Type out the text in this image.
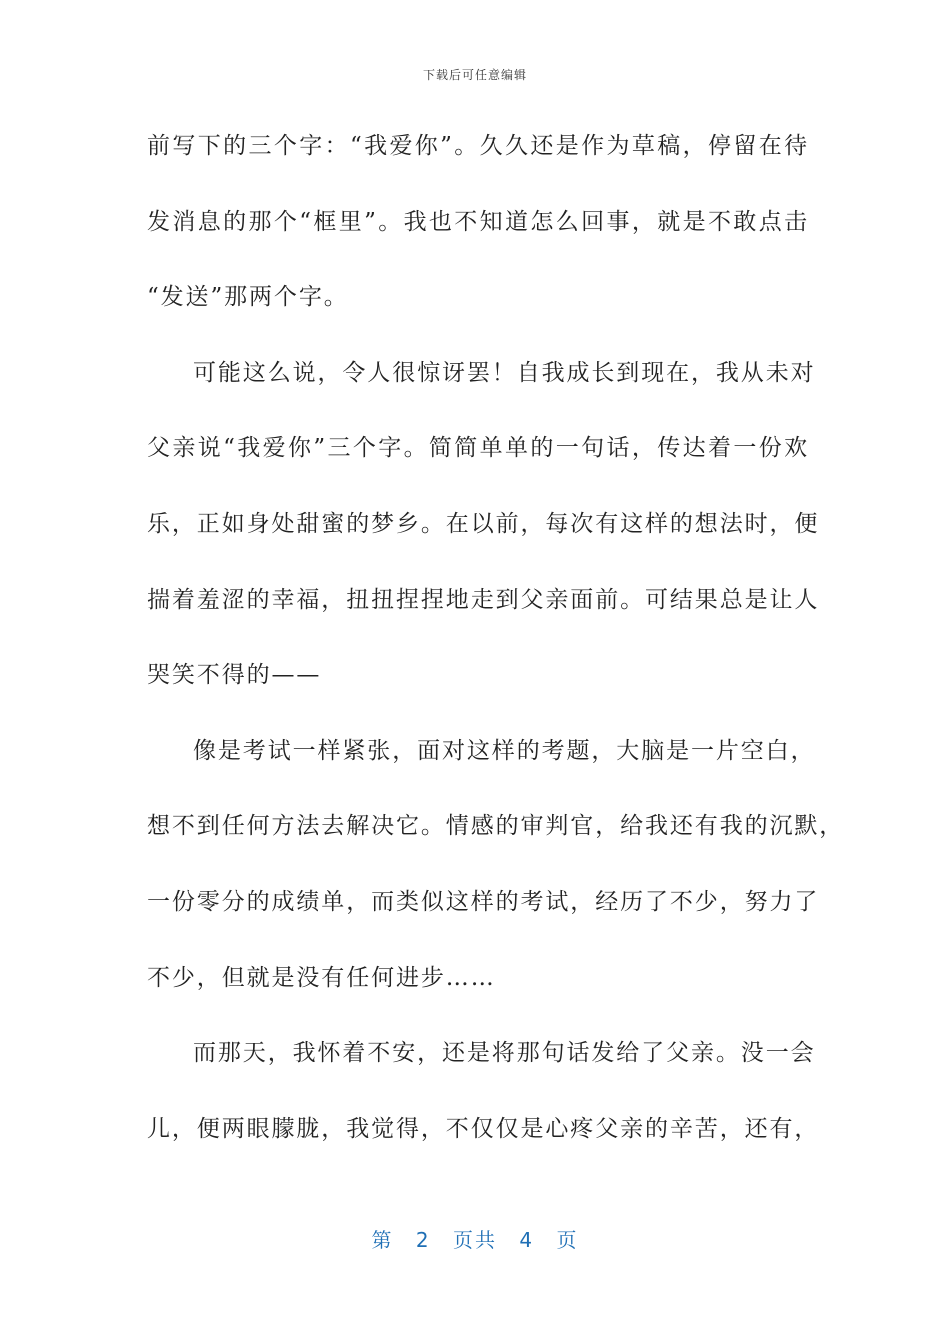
下载后可任意编辑
前写下的三个字：“我爱你”。久久还是作为草稿，停留在待
发消息的那个“框里”。我也不知道怎么回事，就是不敢点击
“发送”那两个字。
可能这么说，令人很惊讶罢！自我成长到现在，我从未对
父亲说“我爱你”三个字。简简单单的一句话，传达着一份欢
乐，正如身处甜蜜的梦乡。在以前，每次有这样的想法时，便
揣着羞涩的幸福，扭扭捏捏地走到父亲面前。可结果总是让人
哭笑不得的——
像是考试一样紧张，面对这样的考题，大脑是一片空白，
想不到任何方法去解决它。情感的审判官，给我还有我的沉默，
一份零分的成绩单，而类似这样的考试，经历了不少，努力了
不少，但就是没有任何进步……
而那天，我怀着不安，还是将那句话发给了父亲。没一会
儿，便两眼朦胧，我觉得，不仅仅是心疼父亲的辛苦，还有，
第 2 页共 4 页
